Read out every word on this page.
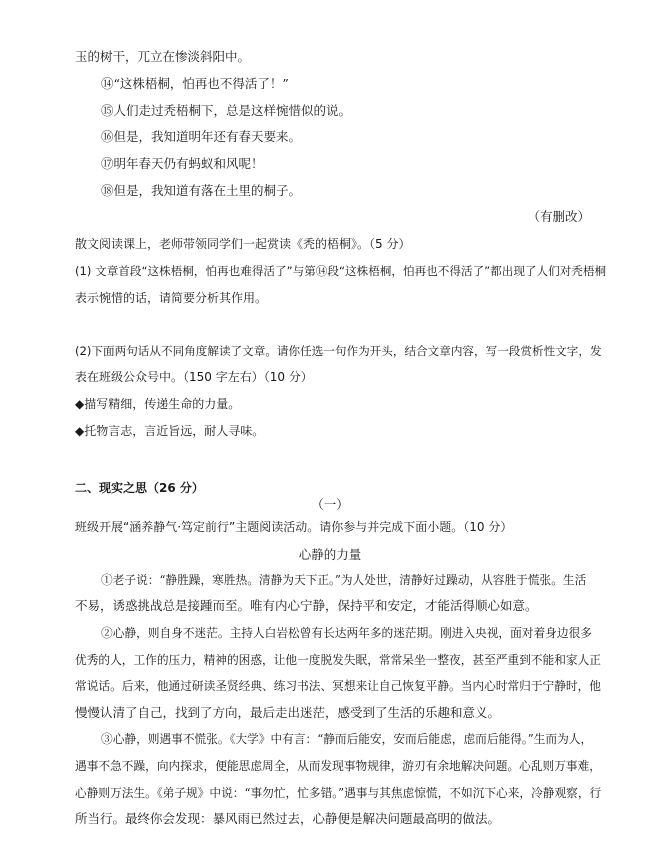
玉的树干，兀立在惨淡斜阳中。
⑭“这株梧桐，怕再也不得活了！”
⑮人们走过秃梧桐下，总是这样惋惜似的说。
⑯但是，我知道明年还有春天要来。
⑰明年春天仍有蚂蚁和风呢！
⑱但是，我知道有落在土里的桐子。
（有删改）
散文阅读课上，老师带领同学们一起赏读《秃的梧桐》。（5 分）
(1) 文章首段“这株梧桐，怕再也难得活了”与第⑭段“这株梧桐，怕再也不得活了”都出现了人们对秃梧桐
表示惋惜的话，请简要分析其作用。
(2)下面两句话从不同角度解读了文章。请你任选一句作为开头，结合文章内容，写一段赏析性文字，发
表在班级公众号中。（150 字左右）（10 分）
◆描写精细，传递生命的力量。
◆托物言志，言近旨远，耐人寻味。
二、现实之思（26 分）
（一）
班级开展“涵养静气·笃定前行”主题阅读活动。请你参与并完成下面小题。（10 分）
心静的力量
①老子说：“静胜躁，寒胜热。清静为天下正。”为人处世，清静好过躁动，从容胜于慌张。生活
不易，诱惑挑战总是接踵而至。唯有内心宁静，保持平和安定，才能活得顺心如意。
②心静，则自身不迷茫。主持人白岩松曾有长达两年多的迷茫期。刚进入央视，面对着身边很多
优秀的人，工作的压力，精神的困惑，让他一度脱发失眠，常常呆坐一整夜，甚至严重到不能和家人正
常说话。后来，他通过研读圣贤经典、练习书法、冥想来让自己恢复平静。当内心时常归于宁静时，他
慢慢认清了自己，找到了方向，最后走出迷茫，感受到了生活的乐趣和意义。
③心静，则遇事不慌张。《大学》中有言：“静而后能安，安而后能虑，虑而后能得。”生而为人，
遇事不急不躁，向内探求，便能思虑周全，从而发现事物规律，游刃有余地解决问题。心乱则万事难，
心静则万法生。《弟子规》中说：“事勿忙，忙多错。”遇事与其焦虑惊慌，不如沉下心来，冷静观察，行
所当行。最终你会发现：暴风雨已然过去，心静便是解决问题最高明的做法。
